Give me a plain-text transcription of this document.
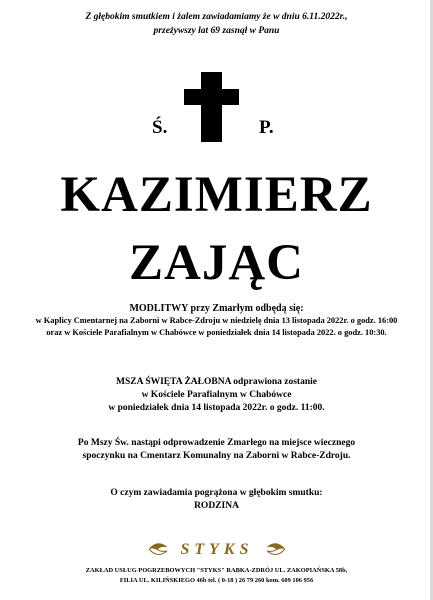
Z głębokim smutkiem i żalem zawiadamiamy że w dniu 6.11.2022r.,
przeżywszy lat 69 zasnął w Panu
Ś.	P.
KAZIMIERZ
ZAJĄC
MODLITWY przy Zmarłym odbędą się:
w Kaplicy Cmentarnej na Zaborni w Rabce-Zdroju w niedzielę dnia 13 listopada 2022r. o godz. 16:00
oraz w Kościele Parafialnym w Chabówce w poniedziałek dnia 14 listopada 2022. o godz. 10:30.
MSZA ŚWIĘTA ŻAŁOBNA odprawiona zostanie
w Kościele Parafialnym w Chabówce
w poniedziałek dnia 14 listopada 2022r. o godz. 11:00.
Po Mszy Św. nastąpi odprowadzenie Zmarłego na miejsce wiecznego
spoczynku na Cmentarz Komunalny na Zaborni w Rabce-Zdroju.
O czym zawiadamia pogrążona w głębokim smutku:
RODZINA
STYKS
ZAKŁAD USŁUG POGRZEBOWYCH "STYKS" RABKA-ZDRÓJ UL. ZAKOPIAŃSKA 58b,
FILIA UL. KILIŃSKIEGO 46b tel. ( 0-18 ) 26 79 260 kom. 609 106 956
